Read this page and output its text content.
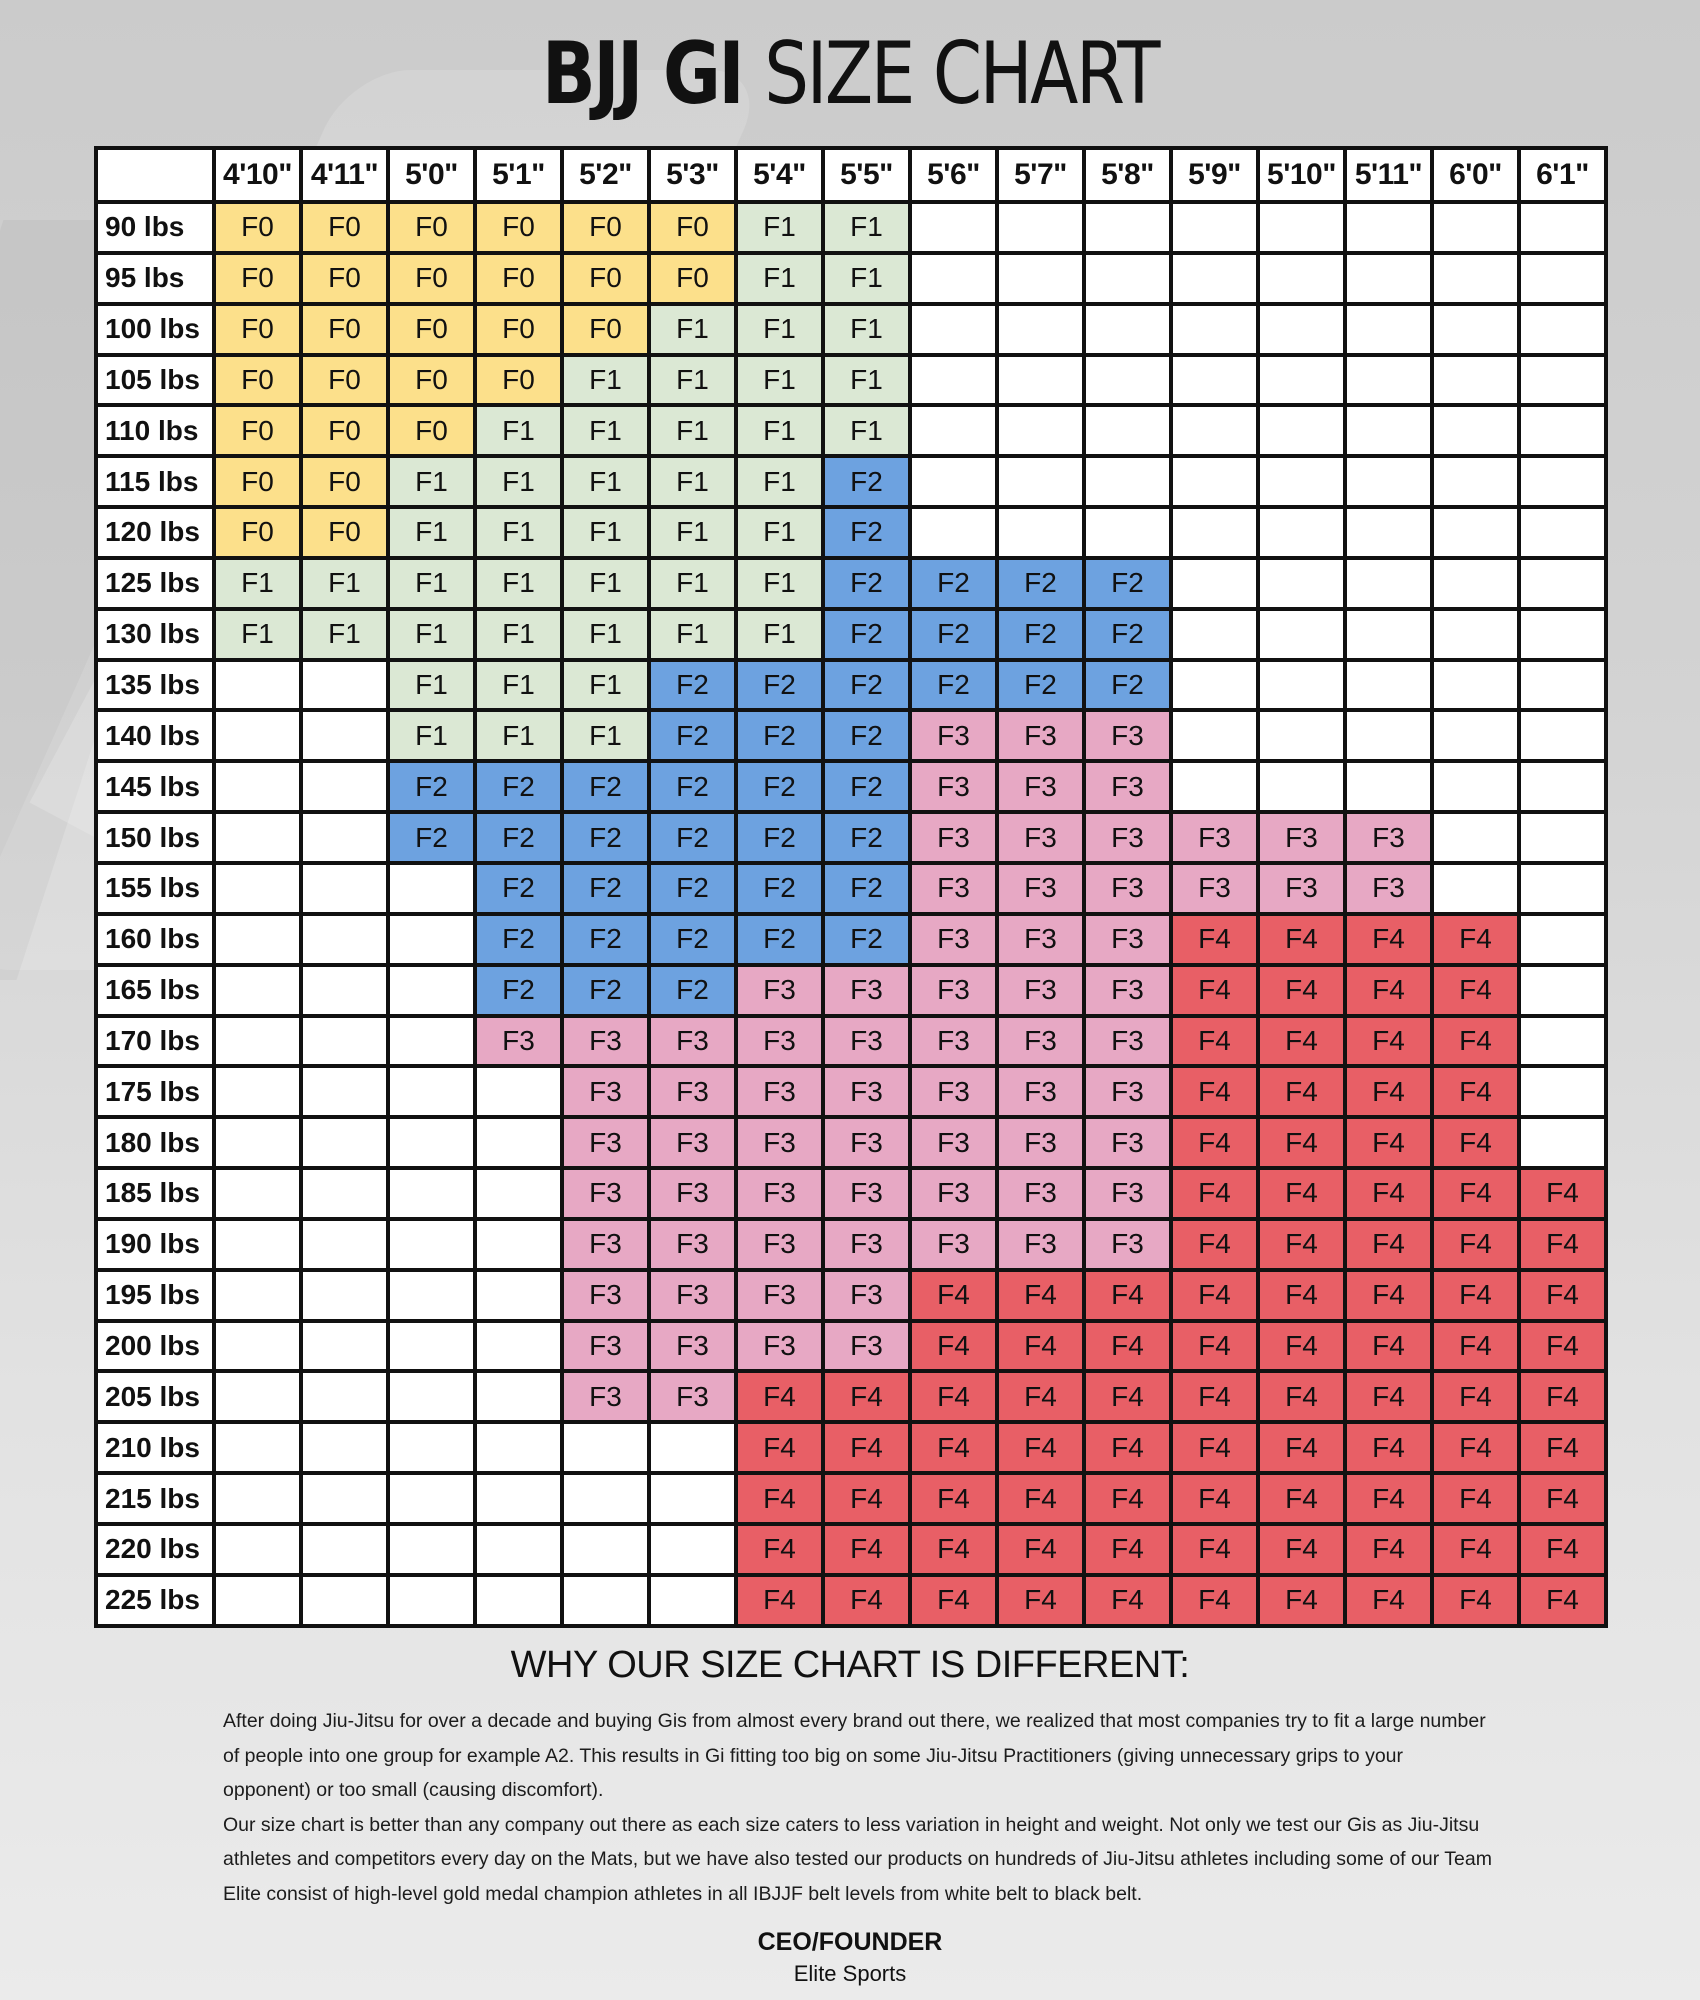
BJJ GI SIZE CHART
	4'10"	4'11"	5'0"	5'1"	5'2"	5'3"	5'4"	5'5"	5'6"	5'7"	5'8"	5'9"	5'10"	5'11"	6'0"	6'1"
90 lbs	F0	F0	F0	F0	F0	F0	F1	F1								
95 lbs	F0	F0	F0	F0	F0	F0	F1	F1								
100 lbs	F0	F0	F0	F0	F0	F1	F1	F1								
105 lbs	F0	F0	F0	F0	F1	F1	F1	F1								
110 lbs	F0	F0	F0	F1	F1	F1	F1	F1								
115 lbs	F0	F0	F1	F1	F1	F1	F1	F2								
120 lbs	F0	F0	F1	F1	F1	F1	F1	F2								
125 lbs	F1	F1	F1	F1	F1	F1	F1	F2	F2	F2	F2					
130 lbs	F1	F1	F1	F1	F1	F1	F1	F2	F2	F2	F2					
135 lbs			F1	F1	F1	F2	F2	F2	F2	F2	F2					
140 lbs			F1	F1	F1	F2	F2	F2	F3	F3	F3					
145 lbs			F2	F2	F2	F2	F2	F2	F3	F3	F3					
150 lbs			F2	F2	F2	F2	F2	F2	F3	F3	F3	F3	F3	F3		
155 lbs				F2	F2	F2	F2	F2	F3	F3	F3	F3	F3	F3		
160 lbs				F2	F2	F2	F2	F2	F3	F3	F3	F4	F4	F4	F4	
165 lbs				F2	F2	F2	F3	F3	F3	F3	F3	F4	F4	F4	F4	
170 lbs				F3	F3	F3	F3	F3	F3	F3	F3	F4	F4	F4	F4	
175 lbs					F3	F3	F3	F3	F3	F3	F3	F4	F4	F4	F4	
180 lbs					F3	F3	F3	F3	F3	F3	F3	F4	F4	F4	F4	
185 lbs					F3	F3	F3	F3	F3	F3	F3	F4	F4	F4	F4	F4
190 lbs					F3	F3	F3	F3	F3	F3	F3	F4	F4	F4	F4	F4
195 lbs					F3	F3	F3	F3	F4	F4	F4	F4	F4	F4	F4	F4
200 lbs					F3	F3	F3	F3	F4	F4	F4	F4	F4	F4	F4	F4
205 lbs					F3	F3	F4	F4	F4	F4	F4	F4	F4	F4	F4	F4
210 lbs							F4	F4	F4	F4	F4	F4	F4	F4	F4	F4
215 lbs							F4	F4	F4	F4	F4	F4	F4	F4	F4	F4
220 lbs							F4	F4	F4	F4	F4	F4	F4	F4	F4	F4
225 lbs							F4	F4	F4	F4	F4	F4	F4	F4	F4	F4
WHY OUR SIZE CHART IS DIFFERENT:

After doing Jiu-Jitsu for over a decade and buying Gis from almost every brand out there, we realized that most companies try to fit a large number of people into one group for example A2. This results in Gi fitting too big on some Jiu-Jitsu Practitioners (giving unnecessary grips to your opponent) or too small (causing discomfort).

Our size chart is better than any company out there as each size caters to less variation in height and weight. Not only we test our Gis as Jiu-Jitsu athletes and competitors every day on the Mats, but we have also tested our products on hundreds of Jiu-Jitsu athletes including some of our Team Elite consist of high-level gold medal champion athletes in all IBJJF belt levels from white belt to black belt.

CEO/FOUNDER
Elite Sports
